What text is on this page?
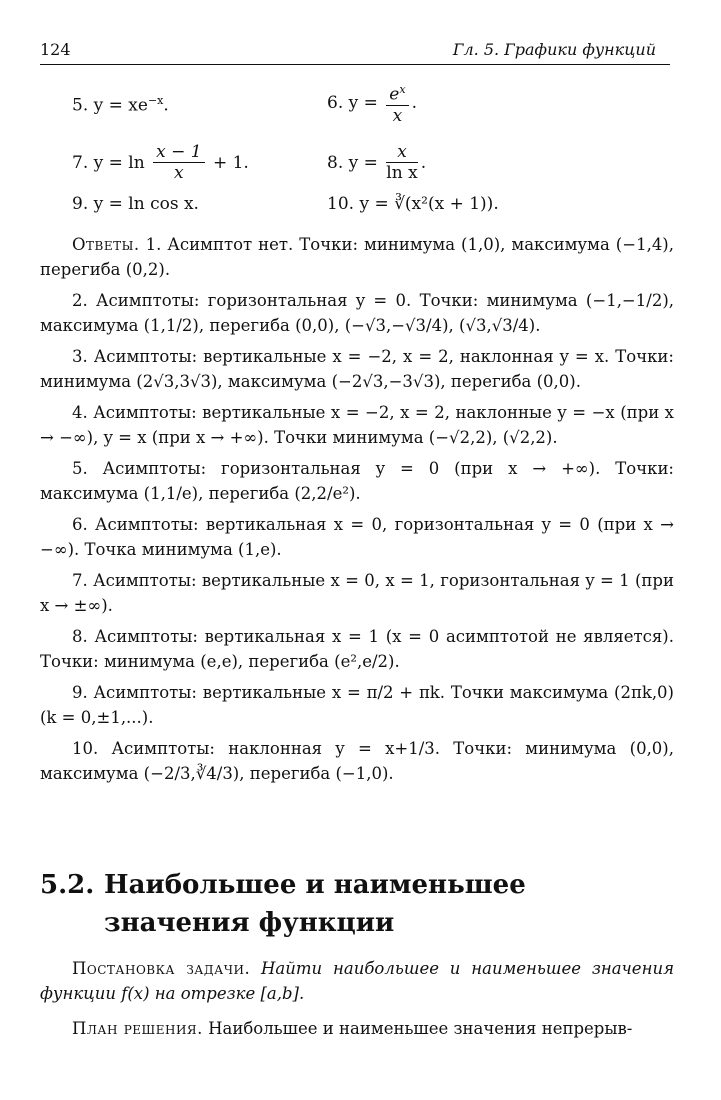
124	Гл. 5. Графики функций
5. $y = xe^{-x}$.	6. $y = \frac{e^x}{x}$ .
7. $y = \ln \frac{x - 1}{x} + 1$.	8. $y = \frac{x}{\text{ln x}}$ .
9. y = ln cos x.	10. y = ∛(x²(x + 1)).

Ответы. 1. Асимптот нет. Точки: минимума (1,0), максимума (−1,4), перегиба (0,2).

2. Асимптоты: горизонтальная y = 0. Точки: минимума (−1,−1/2), максимума (1,1/2), перегиба (0,0), (−√3,−√3/4), (√3,√3/4).

3. Асимптоты: вертикальные x = −2, x = 2, наклонная y = x. Точки: минимума (2√3,3√3), максимума (−2√3,−3√3), перегиба (0,0).

4. Асимптоты: вертикальные x = −2, x = 2, наклонные y = −x (при x → −∞), y = x (при x → +∞). Точки минимума (−√2,2), (√2,2).

5. Асимптоты: горизонтальная y = 0 (при x → +∞). Точки: максимума (1,1/e), перегиба (2,2/e²).

6. Асимптоты: вертикальная x = 0, горизонтальная y = 0 (при x → −∞). Точка минимума (1,e).

7. Асимптоты: вертикальные x = 0, x = 1, горизонтальная y = 1 (при x → ±∞).

8. Асимптоты: вертикальная x = 1 (x = 0 асимптотой не является). Точки: минимума (e,e), перегиба (e²,e/2).

9. Асимптоты: вертикальные x = π/2 + πk. Точки максимума (2πk,0) (k = 0,±1,...).

10. Асимптоты: наклонная y = x+1/3. Точки: минимума (0,0), максимума (−2/3,∛4/3), перегиба (−1,0).

5.2. Наибольшее и наименьшее
значения функции

Постановка задачи. Найти наибольшее и наименьшее значения функции f(x) на отрезке [a,b].

План решения. Наибольшее и наименьшее значения непрерыв-
